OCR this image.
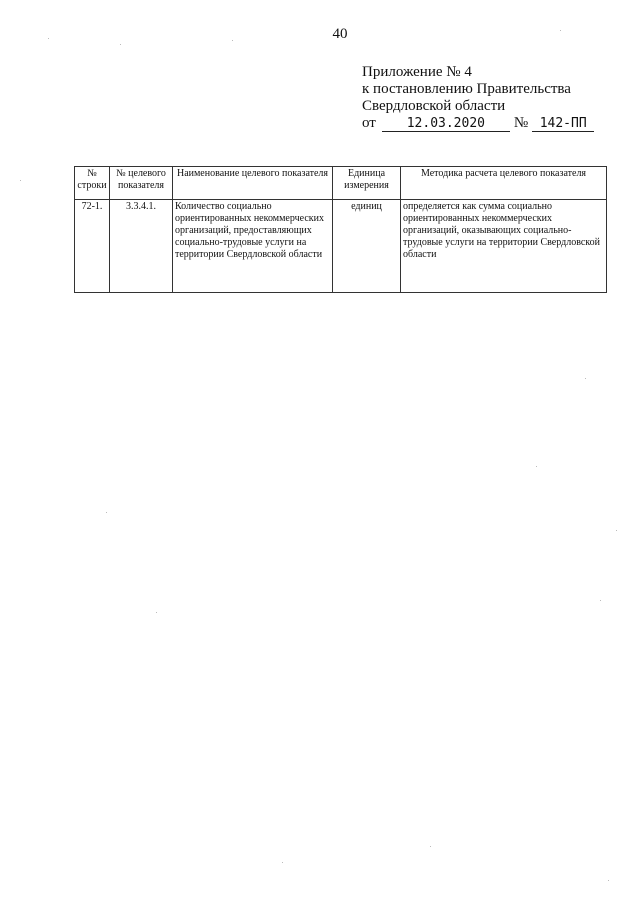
40
Приложение № 4
к постановлению Правительства
Свердловской области
от 12.03.2020 № 142-ПП
№ строки	№ целевого показателя	Наименование целевого показателя	Единица измерения	Методика расчета целевого показателя
72-1.	3.3.4.1.	Количество социально ориентированных некоммерческих организаций, предоставляющих социально-трудовые услуги на территории Свердловской области	единиц	определяется как сумма социально ориентированных некоммерческих организаций, оказывающих социально-трудовые услуги на территории Свердловской области
